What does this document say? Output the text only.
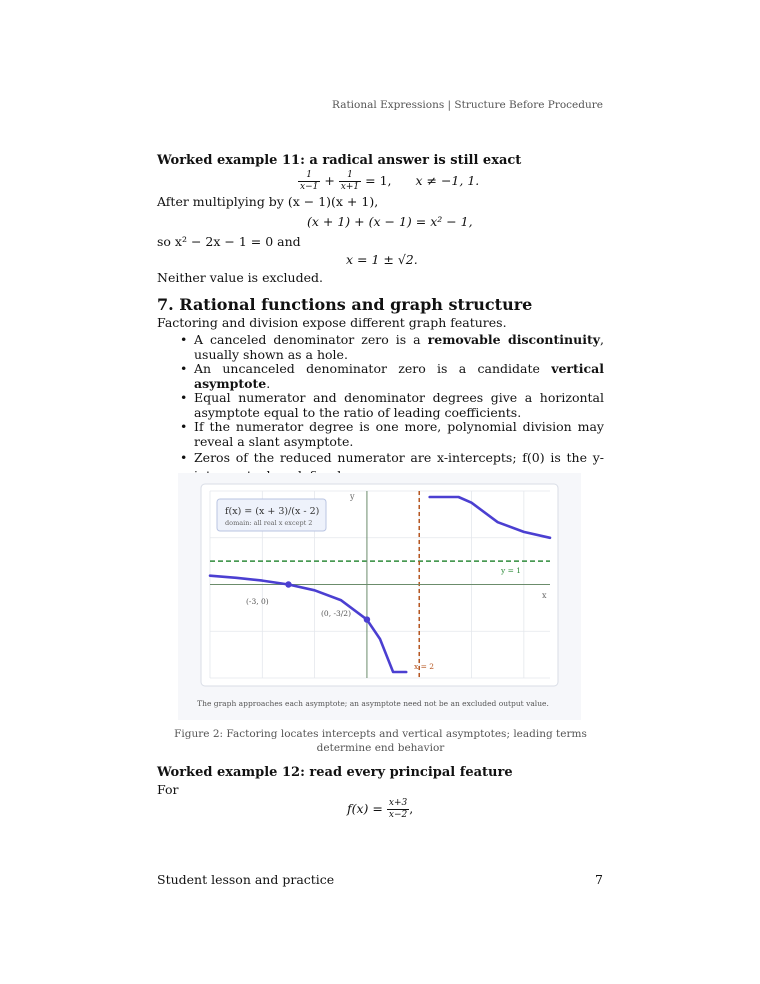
Rational Expressions | Structure Before Procedure
Worked example 11: a radical answer is still exact
$\frac{1}{x-1} + \frac{1}{x+1} = 1$, x ≠ −1, 1.
After multiplying by (x − 1)(x + 1),
(x + 1) + (x − 1) = x² − 1,
so x² − 2x − 1 = 0 and
x = 1 ± √2.
Neither value is excluded.
7. Rational functions and graph structure
Factoring and division expose different graph features.
• A canceled denominator zero is a removable discontinuity, usually shown as a hole.
• An uncanceled denominator zero is a candidate vertical asymptote.
• Equal numerator and denominator degrees give a horizontal asymptote equal to the ratio of leading coefficients.
• If the numerator degree is one more, polynomial division may reveal a slant asymptote.
• Zeros of the reduced numerator are x-intercepts; f(0) is the y-
y
x
y = 1
x = 2
(-3, 0)
(0, -3/2)
f(x) = (x + 3)/(x - 2)
domain: all real x except 2
The graph approaches each asymptote; an asymptote need not be an excluded output value.
Figure 2: Factoring locates intercepts and vertical asymptotes; leading terms determine end behavior
Worked example 12: read every principal feature
For
$f(x) = \frac{x+3}{x-2}$ ,
Student lesson and practice	7
